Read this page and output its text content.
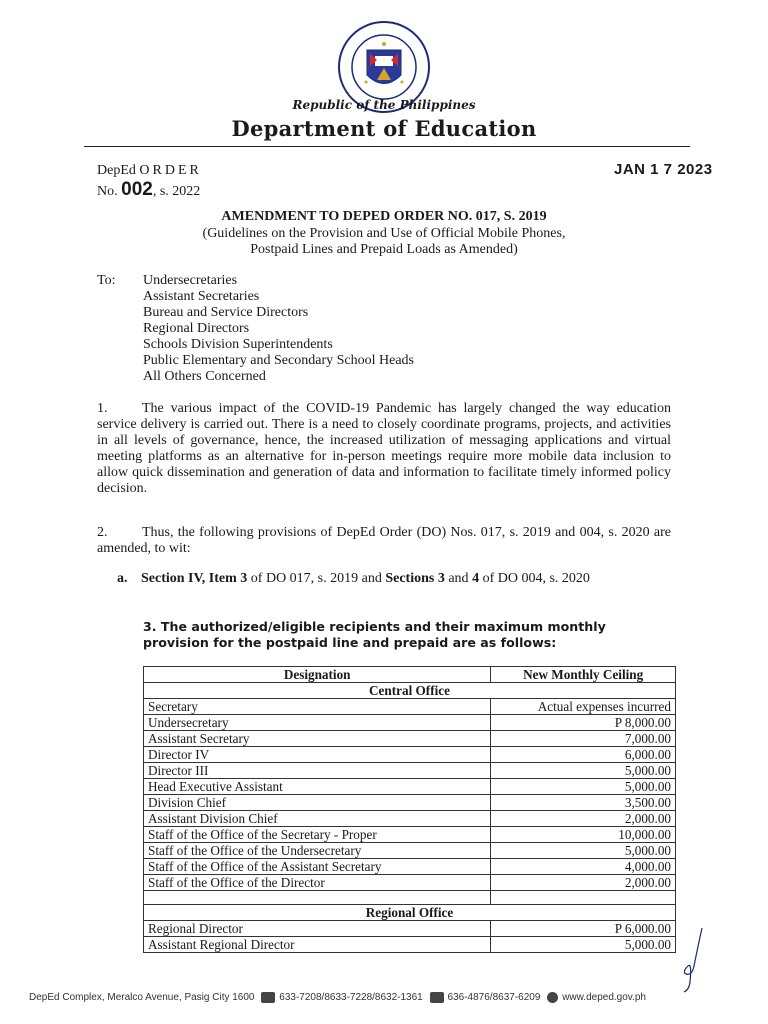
Republic of the Philippines
Department of Education
DepEd ORDER
No. 002, s. 2022
JAN 1 7 2023
AMENDMENT TO DEPED ORDER NO. 017, S. 2019
(Guidelines on the Provision and Use of Official Mobile Phones,
Postpaid Lines and Prepaid Loads as Amended)
To: Undersecretaries
Assistant Secretaries
Bureau and Service Directors
Regional Directors
Schools Division Superintendents
Public Elementary and Secondary School Heads
All Others Concerned

1. The various impact of the COVID-19 Pandemic has largely changed the way education service delivery is carried out. There is a need to closely coordinate programs, projects, and activities in all levels of governance, hence, the increased utilization of messaging applications and virtual meeting platforms as an alternative for in-person meetings require more mobile data inclusion to allow quick dissemination and generation of data and information to facilitate timely informed policy decision.

2. Thus, the following provisions of DepEd Order (DO) Nos. 017, s. 2019 and 004, s. 2020 are amended, to wit:

a. Section IV, Item 3 of DO 017, s. 2019 and Sections 3 and 4 of DO 004, s. 2020
3. The authorized/eligible recipients and their maximum monthly provision for the postpaid line and prepaid are as follows:
Designation	New Monthly Ceiling
Central Office	
Secretary	Actual expenses incurred
Undersecretary	P 8,000.00
Assistant Secretary	7,000.00
Director IV	6,000.00
Director III	5,000.00
Head Executive Assistant	5,000.00
Division Chief	3,500.00
Assistant Division Chief	2,000.00
Staff of the Office of the Secretary - Proper	10,000.00
Staff of the Office of the Undersecretary	5,000.00
Staff of the Office of the Assistant Secretary	4,000.00
Staff of the Office of the Director	2,000.00

Regional Office	
Regional Director	P 6,000.00
Assistant Regional Director	5,000.00
DepEd Complex, Meralco Avenue, Pasig City 1600 633-7208/8633-7228/8632-1361 636-4876/8637-6209 www.deped.gov.ph
